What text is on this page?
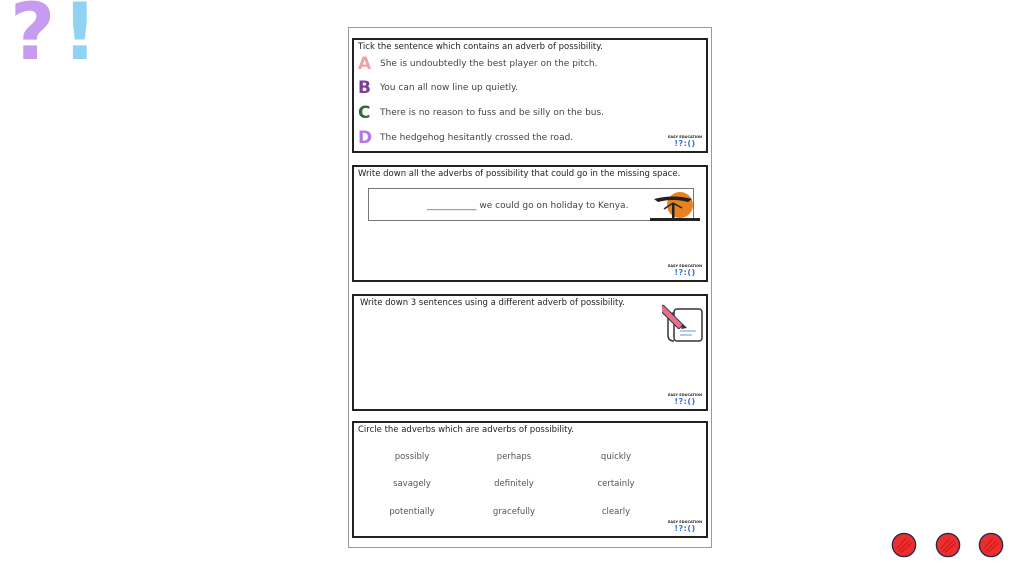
? !	Tick the sentence which contains an adverb of possibility.
A She is undoubtedly the best player on the pitch.
B You can all now line up quietly.
C There is no reason to fuss and be silly on the bus.
D The hedgehog hesitantly crossed the road.	EASY EDUCATION
!?:()
Write down all the adverbs of possibility that could go in the missing space.
___________ we could go on holiday to Kenya.
EASY EDUCATION
!?:()
Write down 3 sentences using a different adverb of possibility.
EASY EDUCATION
!?:()
Circle the adverbs which are adverbs of possibility.
possibly	perhaps	quickly
savagely	definitely	certainly
potentially	gracefully	clearly
EASY EDUCATION
!?:()
